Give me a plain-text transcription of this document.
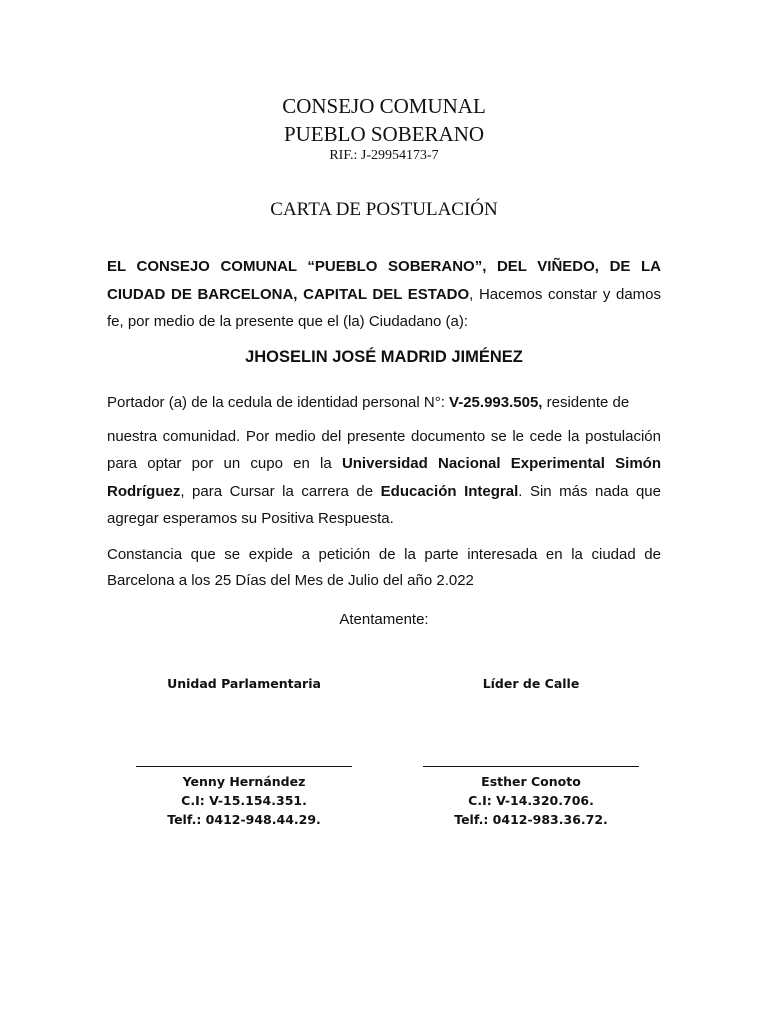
CONSEJO COMUNAL
PUEBLO SOBERANO
RIF.: J-29954173-7
CARTA DE POSTULACIÓN

EL CONSEJO COMUNAL “PUEBLO SOBERANO”, DEL VIÑEDO, DE LA CIUDAD DE BARCELONA, CAPITAL DEL ESTADO, Hacemos constar y damos fe, por medio de la presente que el (la) Ciudadano (a):

JHOSELIN JOSÉ MADRID JIMÉNEZ

Portador (a) de la cedula de identidad personal N°: V-25.993.505, residente de
nuestra comunidad. Por medio del presente documento se le cede la postulación para optar por un cupo en la Universidad Nacional Experimental Simón Rodríguez, para Cursar la carrera de Educación Integral. Sin más nada que agregar esperamos su Positiva Respuesta.

Constancia que se expide a petición de la parte interesada en la ciudad de Barcelona a los 25 Días del Mes de Julio del año 2.022

Atentamente:
Unidad Parlamentaria
Yenny Hernández
C.I: V-15.154.351.
Telf.: 0412-948.44.29.
Líder de Calle
Esther Conoto
C.I: V-14.320.706.
Telf.: 0412-983.36.72.
